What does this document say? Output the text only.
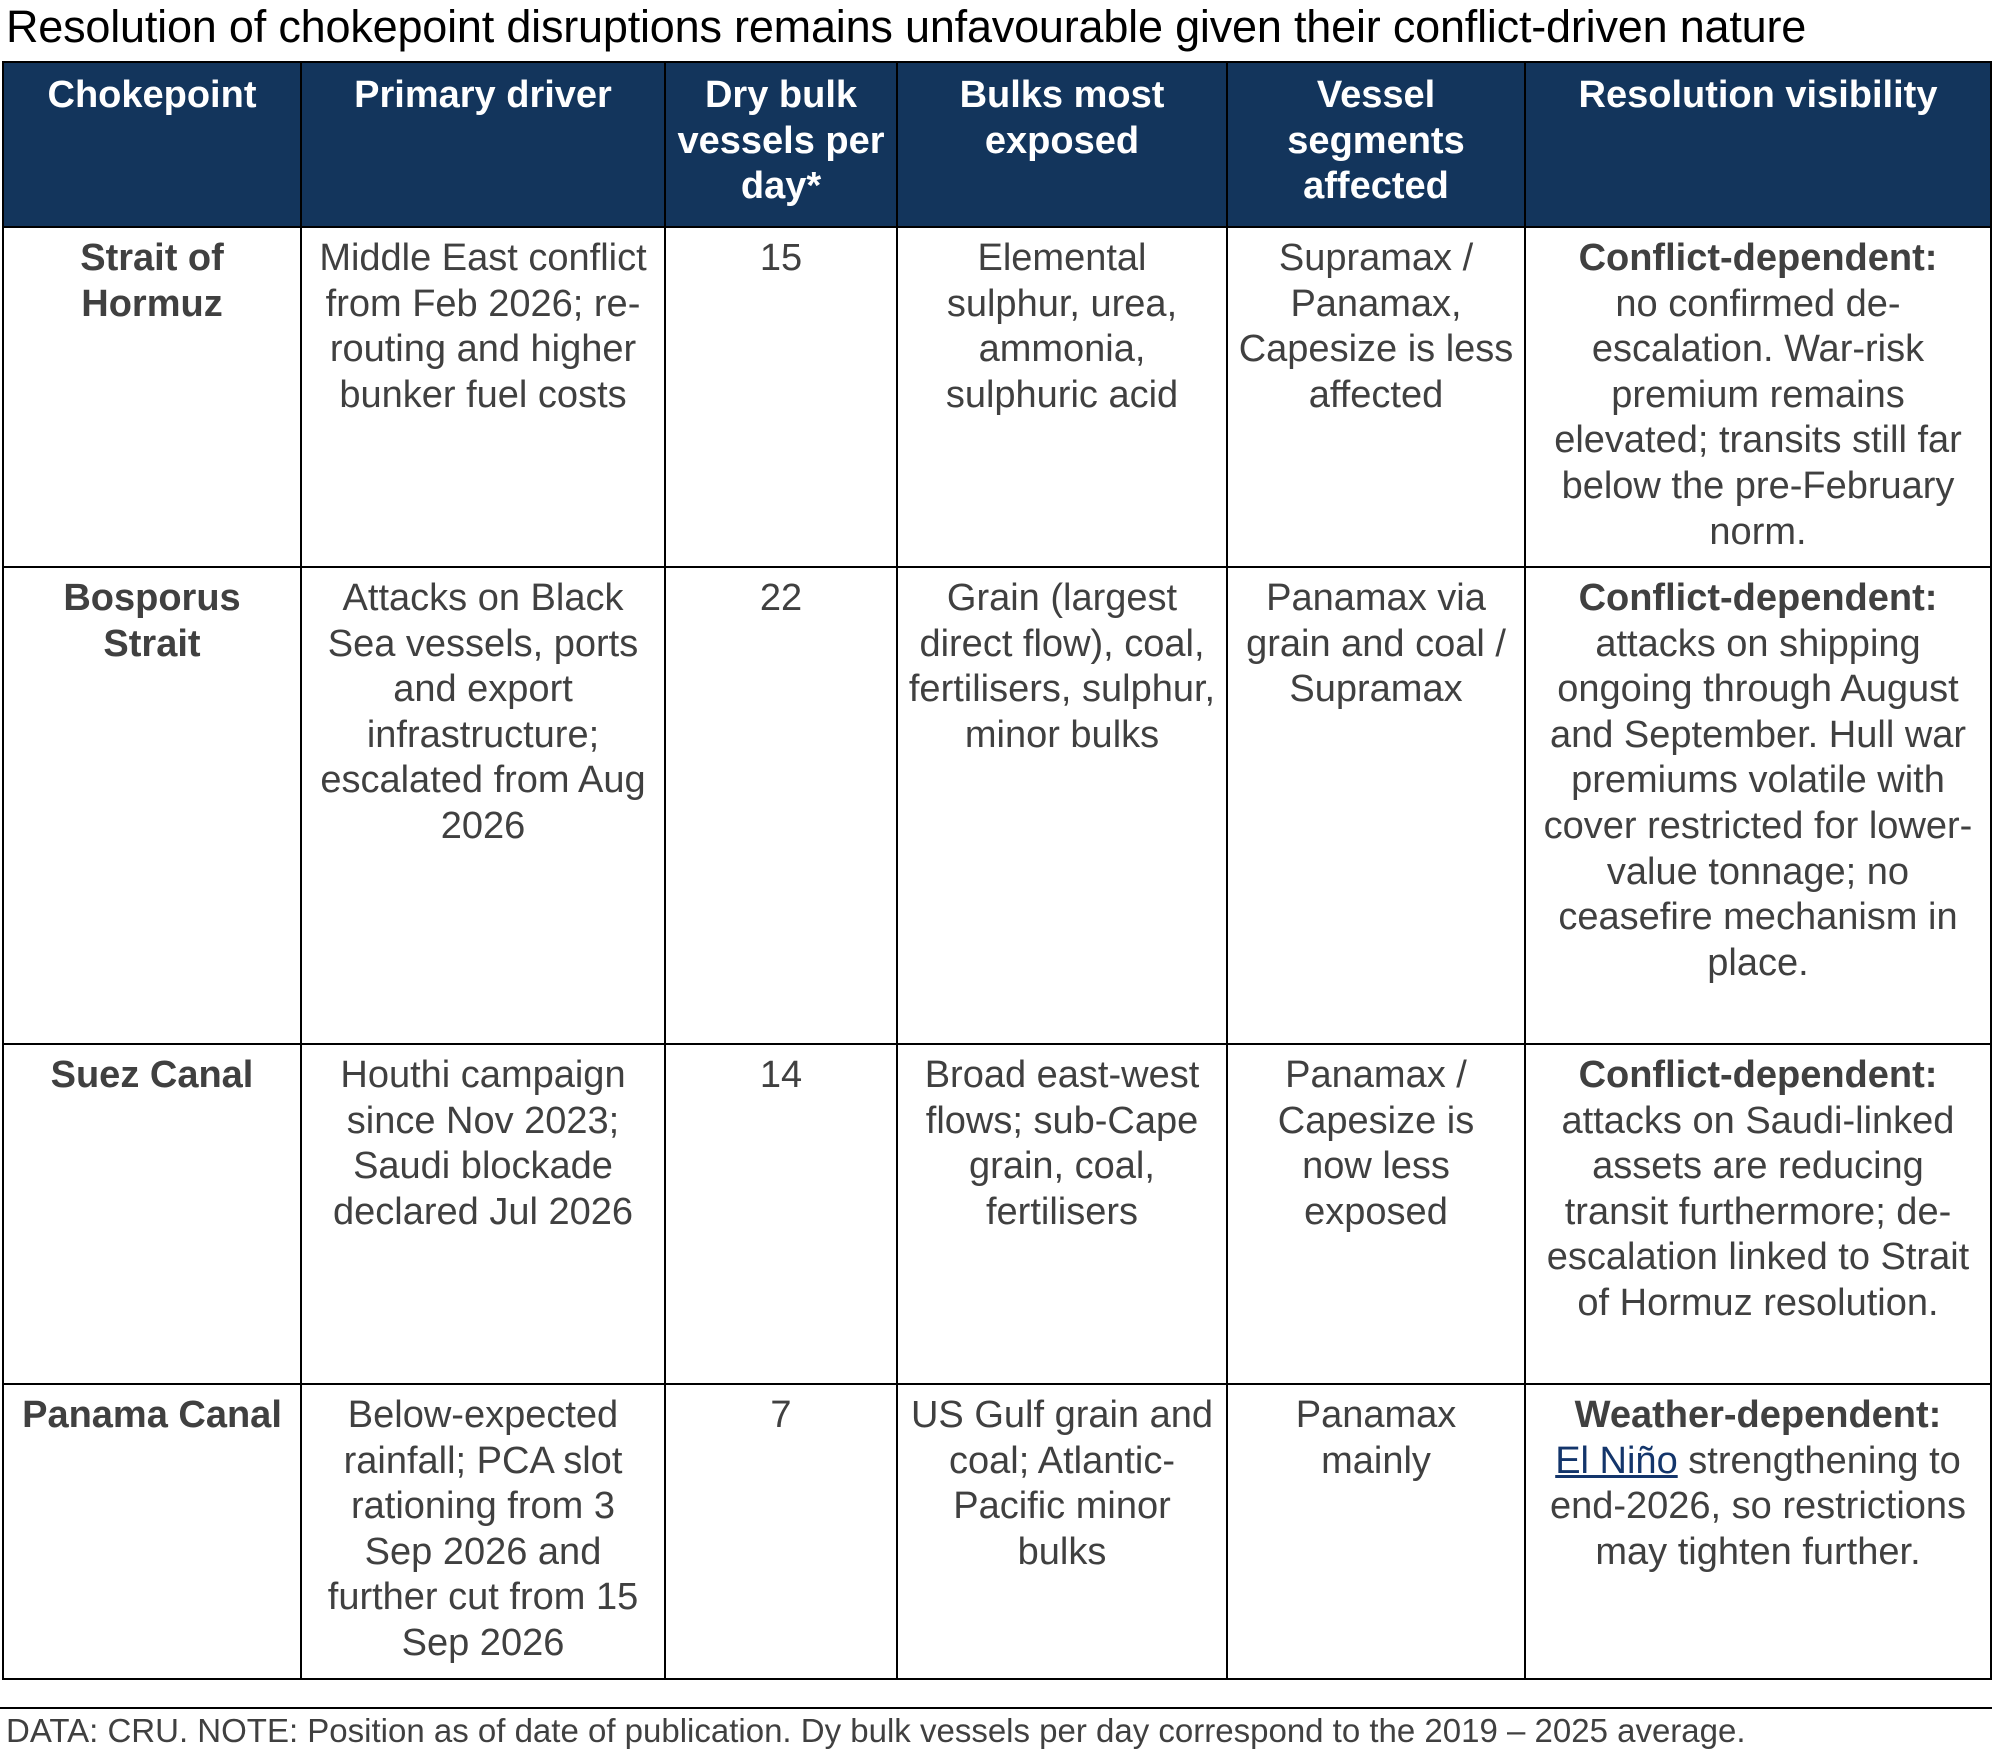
Resolution of chokepoint disruptions remains unfavourable given their conflict-driven nature
Chokepoint	Primary driver	Dry bulk vessels per day*	Bulks most exposed	Vessel segments affected	Resolution visibility
Strait of Hormuz	Middle East conflict from Feb 2026; re-routing and higher bunker fuel costs	15	Elemental sulphur, urea, ammonia, sulphuric acid	Supramax / Panamax, Capesize is less affected	Conflict-dependent:
no confirmed de-escalation. War-risk premium remains elevated; transits still far below the pre-February norm.
Bosporus Strait	Attacks on Black Sea vessels, ports and export infrastructure; escalated from Aug 2026	22	Grain (largest direct flow), coal, fertilisers, sulphur, minor bulks	Panamax via grain and coal / Supramax	Conflict-dependent:
attacks on shipping ongoing through August and September. Hull war premiums volatile with cover restricted for lower-value tonnage; no ceasefire mechanism in place.
Suez Canal	Houthi campaign since Nov 2023; Saudi blockade declared Jul 2026	14	Broad east-west flows; sub-Cape grain, coal, fertilisers	Panamax / Capesize is now less exposed	Conflict-dependent:
attacks on Saudi-linked assets are reducing transit furthermore; de-escalation linked to Strait of Hormuz resolution.
Panama Canal	Below-expected rainfall; PCA slot rationing from 3 Sep 2026 and further cut from 15 Sep 2026	7	US Gulf grain and coal; Atlantic-Pacific minor bulks	Panamax mainly	Weather-dependent:
El Niño strengthening to end-2026, so restrictions may tighten further.
DATA: CRU. NOTE: Position as of date of publication. Dy bulk vessels per day correspond to the 2019 – 2025 average.
